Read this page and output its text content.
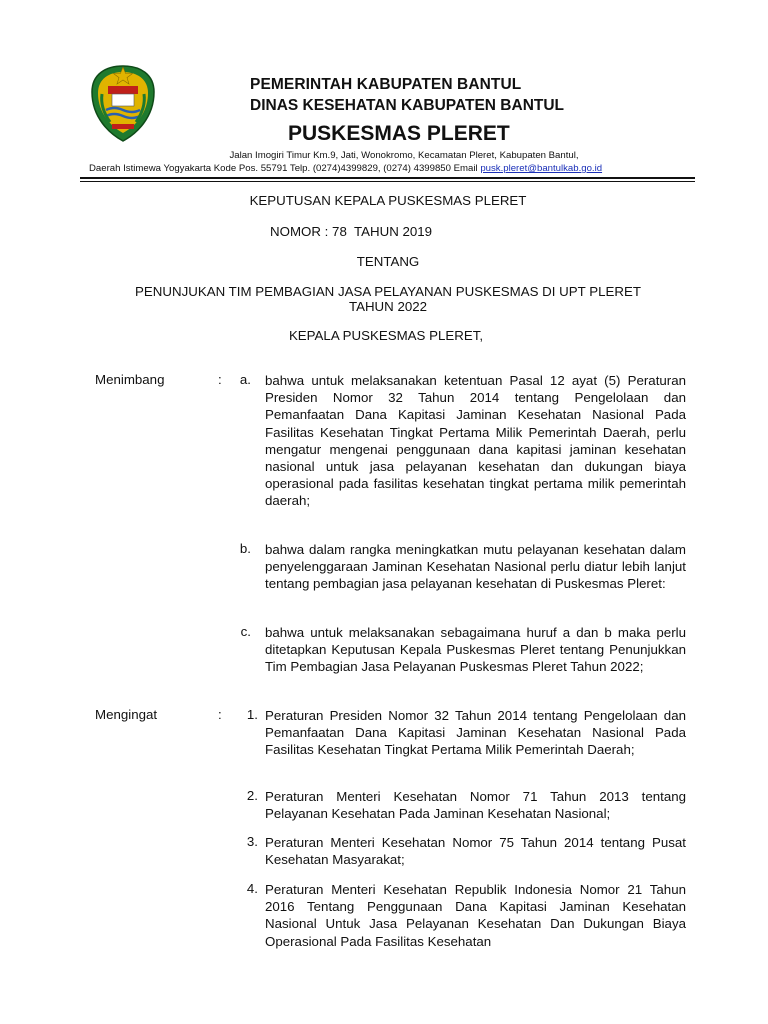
PEMERINTAH KABUPATEN BANTUL
DINAS KESEHATAN KABUPATEN BANTUL
PUSKESMAS PLERET
Jalan Imogiri Timur Km.9, Jati, Wonokromo, Kecamatan Pleret, Kabupaten Bantul,
Daerah Istimewa Yogyakarta Kode Pos. 55791 Telp. (0274)4399829, (0274) 4399850 Email pusk.pleret@bantulkab.go.id
KEPUTUSAN KEPALA PUSKESMAS PLERET
NOMOR : 78  TAHUN 2019
TENTANG
PENUNJUKAN TIM PEMBAGIAN JASA PELAYANAN PUSKESMAS DI UPT PLERET
TAHUN 2022
KEPALA PUSKESMAS PLERET,
Menimbang	:	a. bahwa untuk melaksanakan ketentuan Pasal 12 ayat (5) Peraturan Presiden Nomor 32 Tahun 2014 tentang Pengelolaan dan Pemanfaatan Dana Kapitasi Jaminan Kesehatan Nasional Pada Fasilitas Kesehatan Tingkat Pertama Milik Pemerintah Daerah, perlu mengatur mengenai penggunaan dana kapitasi jaminan kesehatan nasional untuk jasa pelayanan kesehatan dan dukungan biaya operasional pada fasilitas kesehatan tingkat pertama milik pemerintah daerah;
b. bahwa dalam rangka meningkatkan mutu pelayanan kesehatan dalam penyelenggaraan Jaminan Kesehatan Nasional perlu diatur lebih lanjut tentang pembagian jasa pelayanan kesehatan di Puskesmas Pleret:
c. bahwa untuk melaksanakan sebagaimana huruf a dan b maka perlu ditetapkan Keputusan Kepala Puskesmas Pleret tentang Penunjukkan Tim Pembagian Jasa Pelayanan Puskesmas Pleret Tahun 2022;
Mengingat	:	1. Peraturan Presiden Nomor 32 Tahun 2014 tentang Pengelolaan dan Pemanfaatan Dana Kapitasi Jaminan Kesehatan Nasional Pada Fasilitas Kesehatan Tingkat Pertama Milik Pemerintah Daerah;
2. Peraturan Menteri Kesehatan Nomor 71 Tahun 2013 tentang Pelayanan Kesehatan Pada Jaminan Kesehatan Nasional;
3. Peraturan Menteri Kesehatan Nomor 75 Tahun 2014 tentang Pusat Kesehatan Masyarakat;
4. Peraturan Menteri Kesehatan Republik Indonesia Nomor 21 Tahun 2016 Tentang Penggunaan Dana Kapitasi Jaminan Kesehatan Nasional Untuk Jasa Pelayanan Kesehatan Dan Dukungan Biaya Operasional Pada Fasilitas Kesehatan
